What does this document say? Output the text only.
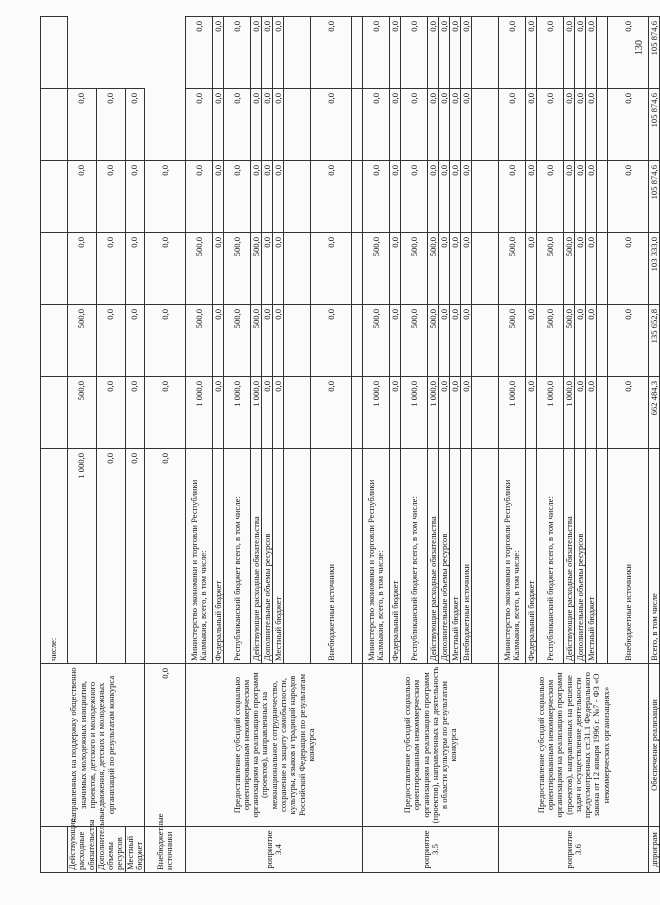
130
	направленных на поддержку общественно значимых молодежных инициатив, проектов, детского и молодежного движения, детских и молодежных организаций по результатам конкурса	числе:						
Действующие расходные обязательства		1 000,0	500,0	500,0	0,0	0,0	0,0	
Дополнительные объемы ресурсов		0,0	0,0	0,0	0,0	0,0	0,0	
Местный бюджет		0,0	0,0	0,0	0,0	0,0	0,0	
Внебюджетные источники	0,0	0,0	0,0	0,0	0,0	0,0		
роприятие 3.4	Предоставление субсидий социально ориентированным некоммерческим организациям на реализацию программ (проектов), направленных на межнациональное сотрудничество, сохранение и защиту самобытности, культуры, языков и традиций народов Российской Федерации по результатам конкурса	Министерство экономики и торговли Республики Калмыкия, всего, в том числе:	1 000,0	500,0	500,0	0,0	0,0	0,0
		Федеральный бюджет	0,0	0,0	0,0	0,0	0,0	0,0
		Республиканский бюджет всего, в том числе:	1 000,0	500,0	500,0	0,0	0,0	0,0
		Действующие расходные обязательства	1 000,0	500,0	500,0	0,0	0,0	0,0
		Дополнительные объемы ресурсов	0,0	0,0	0,0	0,0	0,0	0,0
		Местный бюджет	0,0	0,0	0,0	0,0	0,0	0,0

		Внебюджетные источники	0,0	0,0	0,0	0,0	0,0	0,0

роприятие 3.5	Предоставление субсидий социально ориентированным некоммерческим организациям на реализацию программ (проектов), направленных на деятельность в области культуры по результатам конкурса	Министерство экономики и торговли Республики Калмыкия, всего, в том числе:	1 000,0	500,0	500,0	0,0	0,0	0,0
		Федеральный бюджет	0,0	0,0	0,0	0,0	0,0	0,0
		Республиканский бюджет всего, в том числе:	1 000,0	500,0	500,0	0,0	0,0	0,0
		Действующие расходные обязательства	1 000,0	500,0	500,0	0,0	0,0	0,0
		Дополнительные объемы ресурсов	0,0	0,0	0,0	0,0	0,0	0,0
		Местный бюджет	0,0	0,0	0,0	0,0	0,0	0,0
		Внебюджетные источники	0,0	0,0	0,0	0,0	0,0	0,0

роприятие 3.6	Предоставление субсидий социально ориентированным некоммерческим организациям на реализацию программ (проектов), направленных на решение задач и осуществление деятельности предусмотренных ст.31.1 Федерального закона от 12 января 1996 г. №7 - ФЗ «О некоммерческих организациях»	Министерство экономики и торговли Республики Калмыкия, всего, в том числе:	1 000,0	500,0	500,0	0,0	0,0	0,0
		Федеральный бюджет	0,0	0,0	0,0	0,0	0,0	0,0
		Республиканский бюджет всего, в том числе:	1 000,0	500,0	500,0	0,0	0,0	0,0
		Действующие расходные обязательства	1 000,0	500,0	500,0	0,0	0,0	0,0
		Дополнительные объемы ресурсов	0,0	0,0	0,0	0,0	0,0	0,0
		Местный бюджет	0,0	0,0	0,0	0,0	0,0	0,0

		Внебюджетные источники	0,0	0,0	0,0	0,0	0,0	0,0
дпрограм	Обеспечение реализации	Всего, в том числе	662 484,3	135 652,8	103 333,0	105 874,6	105 874,6	105 874,6
